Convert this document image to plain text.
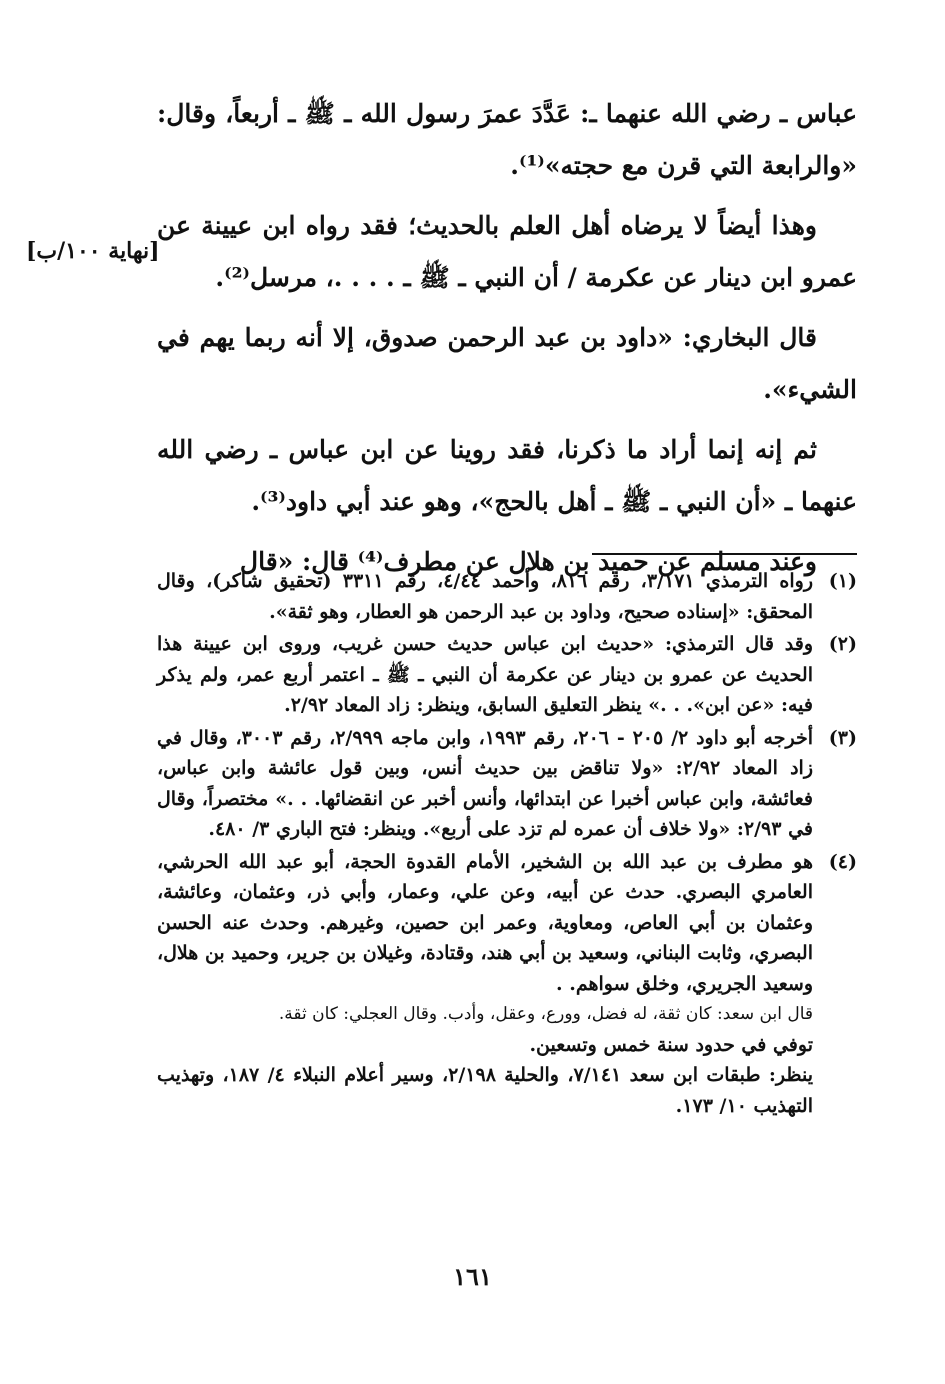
[نهاية ١٠٠/ب]

عباس ـ رضي الله عنهما ـ: عَدَّدَ عمرَ رسول الله ـ ﷺ ـ أربعاً، وقال: «والرابعة التي قرن مع حجته»⁽¹⁾.

وهذا أيضاً لا يرضاه أهل العلم بالحديث؛ فقد رواه ابن عيينة عن عمرو ابن دينار عن عكرمة / أن النبي ـ ﷺ ـ . . . .، مرسل⁽²⁾.

قال البخاري: «داود بن عبد الرحمن صدوق، إلا أنه ربما يهم في الشيء».

ثم إنه إنما أراد ما ذكرنا، فقد روينا عن ابن عباس ـ رضي الله عنهما ـ «أن النبي ـ ﷺ ـ أهل بالحج»، وهو عند أبي داود⁽³⁾.

وعند مسلم عن حميد بن هلال عن مطرف⁽⁴⁾ قال: «قال

(١)
رواه الترمذي ٣/١٧١، رقم ٨١٦، وأحمد ٤/٤٤، رقم ٣٣١١ (تحقيق شاكر)، وقال المحقق: «إسناده صحيح، وداود بن عبد الرحمن هو العطار، وهو ثقة».
(٢)
وقد قال الترمذي: «حديث ابن عباس حديث حسن غريب، وروى ابن عيينة هذا الحديث عن عمرو بن دينار عن عكرمة أن النبي ـ ﷺ ـ اعتمر أربع عمر، ولم يذكر فيه: «عن ابن». . .» ينظر التعليق السابق، وينظر: زاد المعاد ٢/٩٢.
(٣)
أخرجه أبو داود ٢/ ٢٠٥ - ٢٠٦، رقم ١٩٩٣، وابن ماجه ٢/٩٩٩، رقم ٣٠٠٣، وقال في زاد المعاد ٢/٩٢: «ولا تناقض بين حديث أنس، وبين قول عائشة وابن عباس، فعائشة، وابن عباس أخبرا عن ابتدائها، وأنس أخبر عن انقضائها. . .» مختصراً، وقال في ٢/٩٣: «ولا خلاف أن عمره لم تزد على أربع». وينظر: فتح الباري ٣/ ٤٨٠.
(٤)
هو مطرف بن عبد الله بن الشخير، الأمام القدوة الحجة، أبو عبد الله الحرشي، العامري البصري. حدث عن أبيه، وعن علي، وعمار، وأبي ذر، وعثمان، وعائشة، وعثمان بن أبي العاص، ومعاوية، وعمر ابن حصين، وغيرهم. وحدث عنه الحسن البصري، وثابت البناني، وسعيد بن أبي هند، وقتادة، وغيلان بن جرير، وحميد بن هلال، وسعيد الجريري، وخلق سواهم. .
قال ابن سعد: كان ثقة، له فضل، وورع، وعقل، وأدب. وقال العجلي: كان ثقة.
توفي في حدود سنة خمس وتسعين.
ينظر: طبقات ابن سعد ٧/١٤١، والحلية ٢/١٩٨، وسير أعلام النبلاء ٤/ ١٨٧، وتهذيب التهذيب ١٠/ ١٧٣.
١٦١
